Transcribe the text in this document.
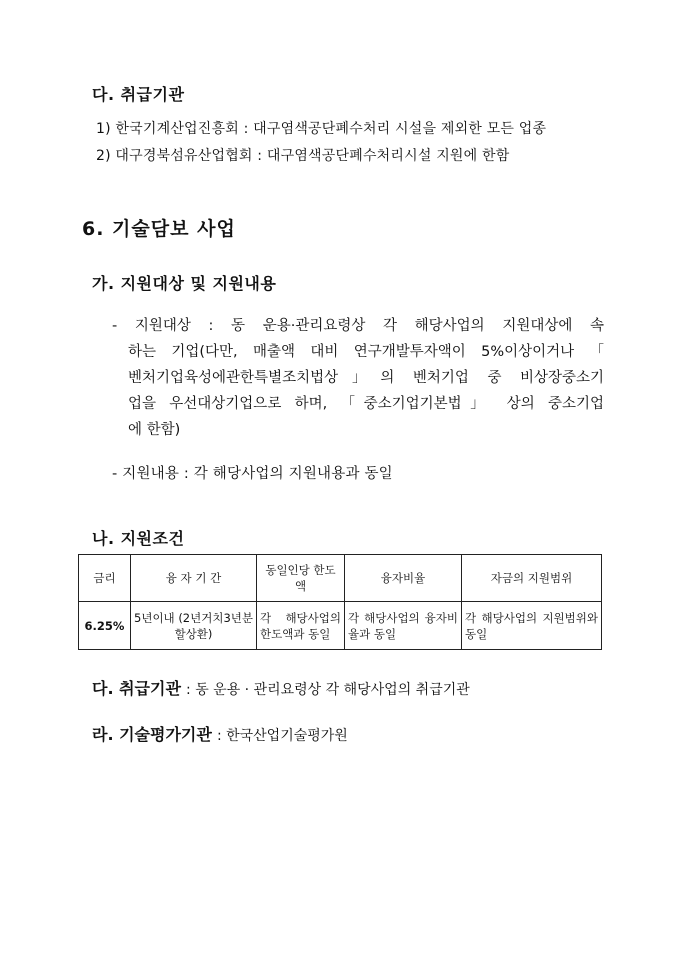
다. 취급기관
1) 한국기계산업진흥회 : 대구염색공단폐수처리 시설을 제외한 모든 업종
2) 대구경북섬유산업협회 : 대구염색공단폐수처리시설 지원에 한함
6. 기술담보 사업
가. 지원대상 및 지원내용
- 지원대상 : 동 운용·관리요령상 각 해당사업의 지원대상에 속
하는 기업(다만, 매출액 대비 연구개발투자액이 5%이상이거나 「
벤처기업육성에관한특별조치법상」의 벤처기업 중 비상장중소기
업을 우선대상기업으로 하며, 「중소기업기본법」 상의 중소기업
에 한함)
- 지원내용 : 각 해당사업의 지원내용과 동일
나. 지원조건
금리	융 자 기 간	동일인당 한도액	융자비율	자금의 지원범위
6.25%	5년이내 (2년거치3년분할상환)	각 해당사업의 한도액과 동일	각 해당사업의 융자비율과 동일	각 해당사업의 지원범위와 동일
다. 취급기관 : 동 운용 · 관리요령상 각 해당사업의 취급기관
라. 기술평가기관 : 한국산업기술평가원
